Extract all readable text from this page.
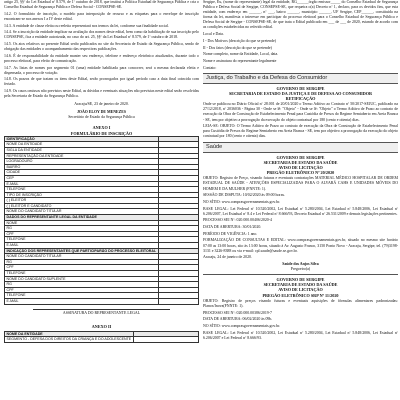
artigo 25, §§º do Lei Estadual nº 8.579, de 1º outubro de 2018, que institui a Política Estadual de Segurança Pública e cria o Conselho Estadual de Segurança Pública e Defesa Social - CONSEPSE-SE.

14.2. O formulário de inscrição, o modelo para interposição de recurso e as etiquetas para o envelope de inscrição encontram-se nos anexos I a IV deste edital.

14.3. A entidade de classe eleita ou reeleita representará nos termos da lei, conforme sua finalidade social.

14.4. Se a inscrição da entidade implicar na avaliação dos nomes deste edital, bem como da habilitação de sua inscrição pelo CONSEPSE, fica a entidade autorizada, no caso do art. 25, §§º da Lei Estadual nº 8.579, de 1º outubro de 2018.

14.5. Os atos relativos ao presente Edital serão publicados no site da Secretaria de Estado da Segurança Pública, sendo de obrigação das entidades o acompanhamento das respectivas publicações.

14.6. É de responsabilidade da entidade manter seu endereço, telefone e endereço eletrônico atualizados, durante todo o processo eleitoral, para efeito de comunicação.

14.7. As listas de nomes por segmento 01 (uma) entidade habilitada para concorrer, será a mesma declarada eleita e dispensada, o processo de votação.

14.8. Os prazos de que tratam os itens deste Edital, serão prorrogados por igual período caso a data final coincida com feriado.

14.9. Os casos omissos não previstos neste Edital, as dúvidas e eventuais situações não previstas neste edital serão resolvidas pela Secretaria de Estado da Segurança Pública.

Aracaju/SE, 23 de janeiro de 2020.

JOÃO ELOY DE MENEZES

Secretário de Estado da Segurança Pública

ANEXO I

FORMULÁRIO DE INSCRIÇÃO

IDENTIFICAÇÃO	
NOME DA ENTIDADE	
SIGLA DA ENTIDADE	
REPRESENTAÇÃO DA ENTIDADE	
LOGRADOURO	
BAIRRO	
CIDADE	
CEP	
E-MAIL	
TELEFONE	
TIPO DE INSCRIÇÃO	
( ) ELEITOR	
( ) ELEITOR E CANDIDATO	
NOME DO CANDIDATO TITULAR	
DADOS DO REPRESENTANTE LEGAL DA ENTIDADE	
NOME	
RG	
CPF	
TELEFONE	
E-MAIL	
INDICAÇÃO DOS REPRESENTANTES QUE PARTICIPARÃO DO PROCESSO ELEITORAL	
NOME DO CANDIDATO TITULAR	
RG	
CPF	
TELEFONE	
NOME DO CANDIDATO SUPLENTE	
RG	
CPF	
TELEFONE	
E-MAIL	

ASSINATURA DO REPRESENTANTE LEGAL

ANEXO II

NOME DA ENTIDADE	
SEGMENTO - DEFESA DOS DIREITOS DA CRIANÇA E DO ADOLESCENTE	

Sergipe, Eu, (nome do representante) legal da entidade, RG______órgão emissor_____ do Conselho Estadual de Segurança Pública e Defesa Social de Sergipe, CONSEPSE-SE, que requeira o(a) Decreto nº 1, declaro, para os devidos fins, que esta entidade, com endereço em ______, nº ___, bairro ______, município ______, UF Sergipe, CEP______, constituída na forma da lei, manifesta o interesse em participar do processo eleitoral para o Conselho Estadual de Segurança Pública e Defesa Social de Sergipe - CONSEPSE-SE, de que trata o Edital publicado em ___ de ___ de 2020, estando de acordo com as condições estabelecidas no referido edital.

Local e Data.

I - Dos Motivos (descrição do que se pretende)

II - Dos fatos (descrição do que se pretende)

Nome completo, nome da Entidade, Local, data.

Nome e assinatura do representante legalmente

Contato:

Justiça, do Trabalho e da Defesa do Consumidor

GOVERNO DE SERGIPE

SECRETARIA DE ESTADO DA JUSTIÇA E DE DEFESA AO CONSUMIDOR

RETIFICAÇÃO

Onde se publicou no Diário Oficial nº 28.001 de 20/01/2020 o Termo Aditivo ao Contrato nº 50/2017-SEJUC, publicado na 27/12/2018, nº 2036036 - Página 30 - Onde se lê: "Objeto" - Onde se lê: "Objeto" o Termo Aditivo de Prazo ao contrato de execução da Obra de Construção de Estabelecimento Penal para Custódia de Presos do Regime Semiaberto em Areia Branca - SE, tem por objetivo a prorrogação da execução do objeto contratual por 180 (cento e oitenta) dias.

LEIA-SE: OBJETO: O Termo Aditivo de Prazo ao contrato de execução da Obra de Construção de Estabelecimento Penal para Custódia de Presos do Regime Semiaberto em Areia Branca - SE, tem por objetivo a prorrogação da execução do objeto contratual por 180 (cento e oitenta) dias.

Saúde

GOVERNO DE SERGIPE

SECRETARIA DE ESTADO DA SAÚDE

AVISO DE LICITAÇÃO

PREGÃO ELETRÔNICO Nº 20/2020

OBJETO: Registro de Preço, visando futuras e eventuais contratações MATERIAL MÉDICO HOSPITALAR DE ORDEM ESTADUAL DE SAÚDE - ATENÇÕES ESPECIALIZADAS PARA O ALVARÁ CAHS E UNIDADES MÓVEIS DO HOMEM E DA MULHER (FNNTE: 1).

SESSÃO DE DISPUTA: 10/02/2020 às 09:00 horas.

NO SÍTIO: www.comprasgovernamentais.gov.br.

BASE LEGAL: Lei Federal nº 10.520/2002, Lei Estadual nº 5.280/2004, Lei Estadual nº 5.848/2006, Lei Estadual nº 6.206/2007, Lei Estadual nº 8.4 e Lei Federal nº 8.666/93, Decreto Estadual nº 26.531/2009 e demais legislações pertinentes.

PROCESSO SEI Nº: 020.000.00406/2020-4

DATA DE ABERTURA: 30/01/2020.

PERÍODO DE VIGÊNCIA: 1 ano.

FORMALIZAÇÃO DE CONSULTAS E EDITAL: www.comprasgovernamentais.gov.br, situado no mesmo site horário 07:00 as 13:00 horas, sito às 13:00 horas, situado à Av. Augusto Franco, 3150 Ponto Novo - Aracaju, Sergipe, tel. (79)3198-3131 e 3226-8388 ou via e-mail: cpl.saude@saude.se.gov.br.

Aracaju, 24 de janeiro de 2020.

Saúde dos Anjos Silva

Pregoeiro(a)

GOVERNO DE SERGIPE

SECRETARIA DE ESTADO DA SAÚDE

AVISO DE LICITAÇÃO

PREGÃO ELETRÔNICO SRP Nº 11/2020

OBJETO: Registro de preços visando futuras e eventuais aquisições de fórmulas alimentares padronizadas: Planos/Inova(FNNTE: 1).

PROCESSO SEI Nº: 020.000.00386/2019-7

DATA DE ABERTURA: 06/02/2020 às 09h.

NO SÍTIO: www.comprasgovernamentais.gov.br.

BASE LEGAL: Lei Federal nº 10.520/2002, Lei Estadual nº 5.280/2004, Lei Estadual nº 5.848/2006, Lei Estadual nº 6.206/2007 e Lei Federal nº 8.666/93.
